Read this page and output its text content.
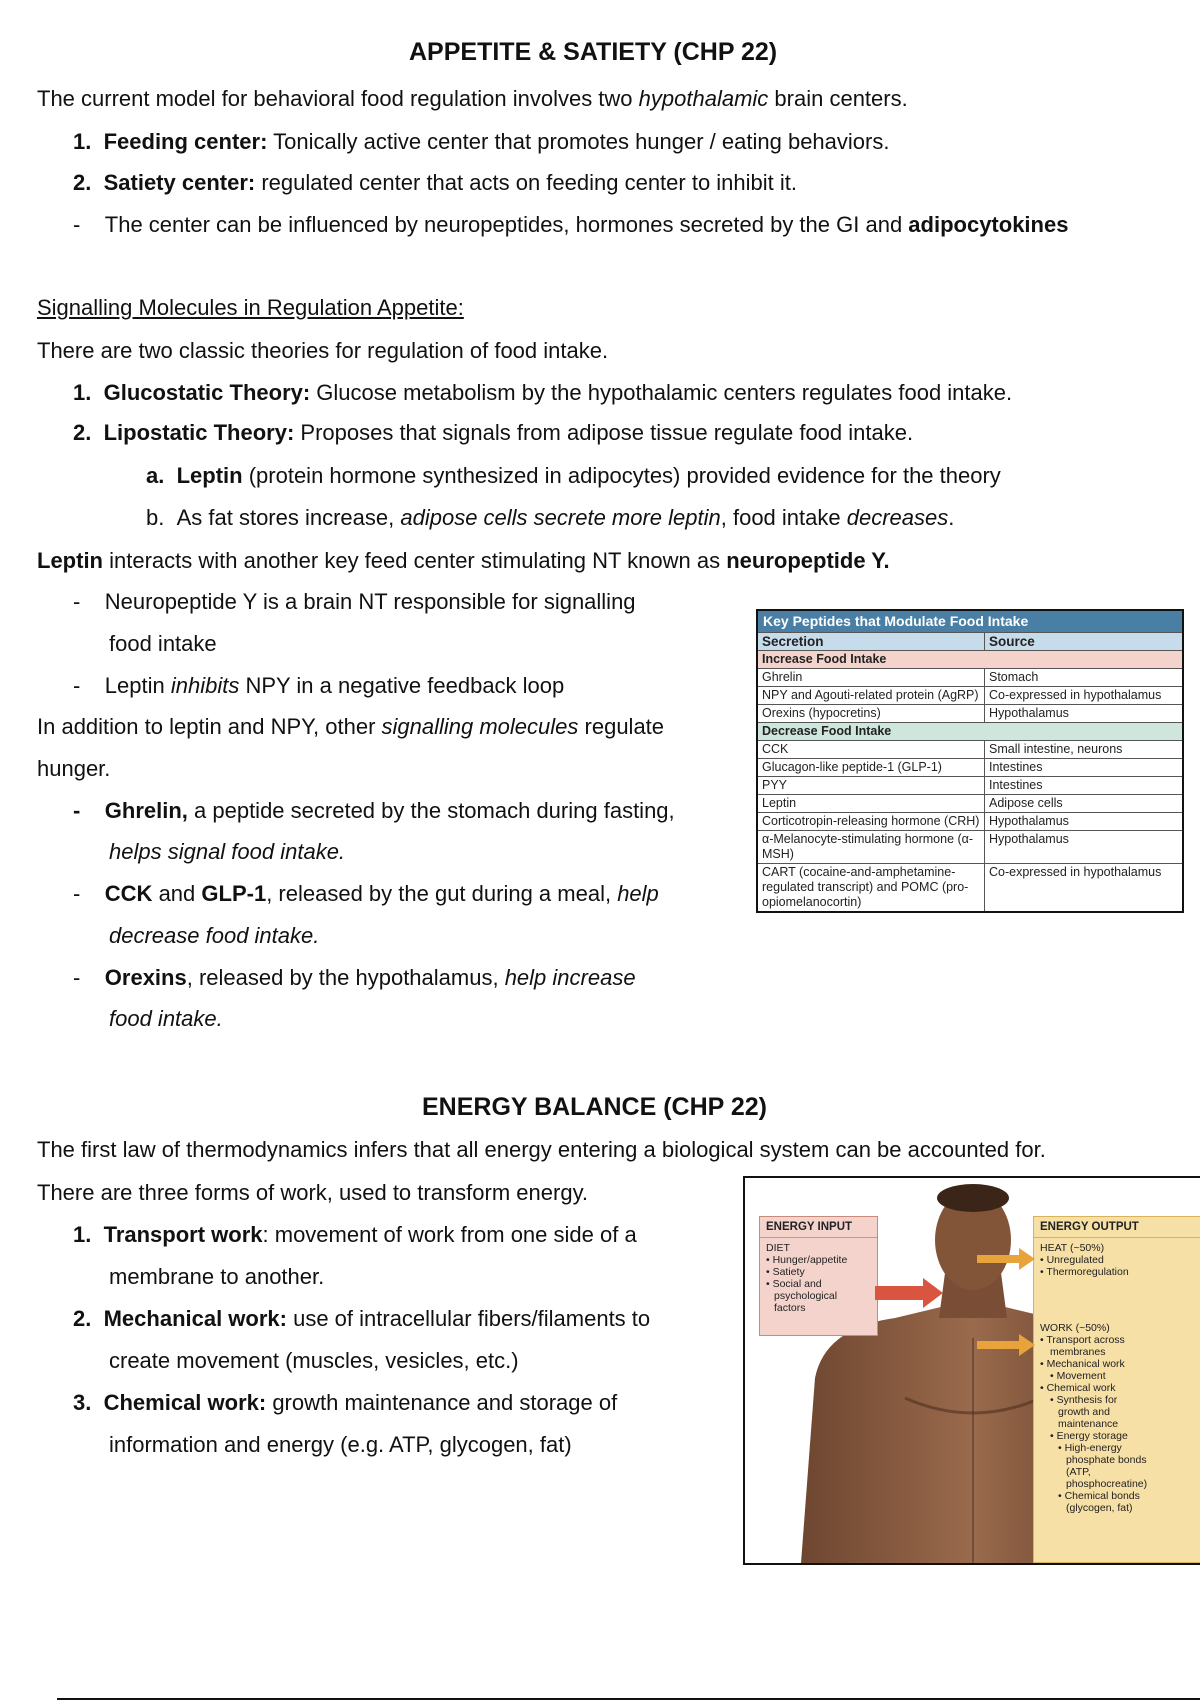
APPETITE & SATIETY (CHP 22)
The current model for behavioral food regulation involves two hypothalamic brain centers.
1. Feeding center: Tonically active center that promotes hunger / eating behaviors.
2. Satiety center: regulated center that acts on feeding center to inhibit it.
-    The center can be influenced by neuropeptides, hormones secreted by the GI and adipocytokines
Signalling Molecules in Regulation Appetite:
There are two classic theories for regulation of food intake.
1. Glucostatic Theory: Glucose metabolism by the hypothalamic centers regulates food intake.
2. Lipostatic Theory: Proposes that signals from adipose tissue regulate food intake.
a. Leptin (protein hormone synthesized in adipocytes) provided evidence for the theory
b. As fat stores increase, adipose cells secrete more leptin, food intake decreases.
Leptin interacts with another key feed center stimulating NT known as neuropeptide Y.
-    Neuropeptide Y is a brain NT responsible for signalling
food intake
-    Leptin inhibits NPY in a negative feedback loop
In addition to leptin and NPY, other signalling molecules regulate
hunger.
-    Ghrelin, a peptide secreted by the stomach during fasting,
helps signal food intake.
-    CCK and GLP-1, released by the gut during a meal, help
decrease food intake.
-    Orexins, released by the hypothalamus, help increase
food intake.
Key Peptides that Modulate Food Intake	
Secretion	Source
Increase Food Intake	
Ghrelin	Stomach
NPY and Agouti-related protein (AgRP)	Co-expressed in hypothalamus
Orexins (hypocretins)	Hypothalamus
Decrease Food Intake	
CCK	Small intestine, neurons
Glucagon-like peptide-1 (GLP-1)	Intestines
PYY	Intestines
Leptin	Adipose cells
Corticotropin-releasing hormone (CRH)	Hypothalamus
α-Melanocyte-stimulating hormone (α-MSH)	Hypothalamus
CART (cocaine-and-amphetamine-regulated transcript) and POMC (pro-opiomelanocortin)	Co-expressed in hypothalamus
ENERGY BALANCE (CHP 22)
The first law of thermodynamics infers that all energy entering a biological system can be accounted for.
There are three forms of work, used to transform energy.
1. Transport work: movement of work from one side of a
membrane to another.
2. Mechanical work: use of intracellular fibers/filaments to
create movement (muscles, vesicles, etc.)
3. Chemical work: growth maintenance and storage of
information and energy (e.g. ATP, glycogen, fat)
ENERGY INPUT
DIET
• Hunger/appetite
• Satiety
• Social and
psychological
factors
ENERGY OUTPUT
HEAT (~50%)
• Unregulated
• Thermoregulation
WORK (~50%)
• Transport across
membranes
• Mechanical work
• Movement
• Chemical work
• Synthesis for
growth and
maintenance
• Energy storage
• High-energy
phosphate bonds
(ATP,
phosphocreatine)
• Chemical bonds
(glycogen, fat)
